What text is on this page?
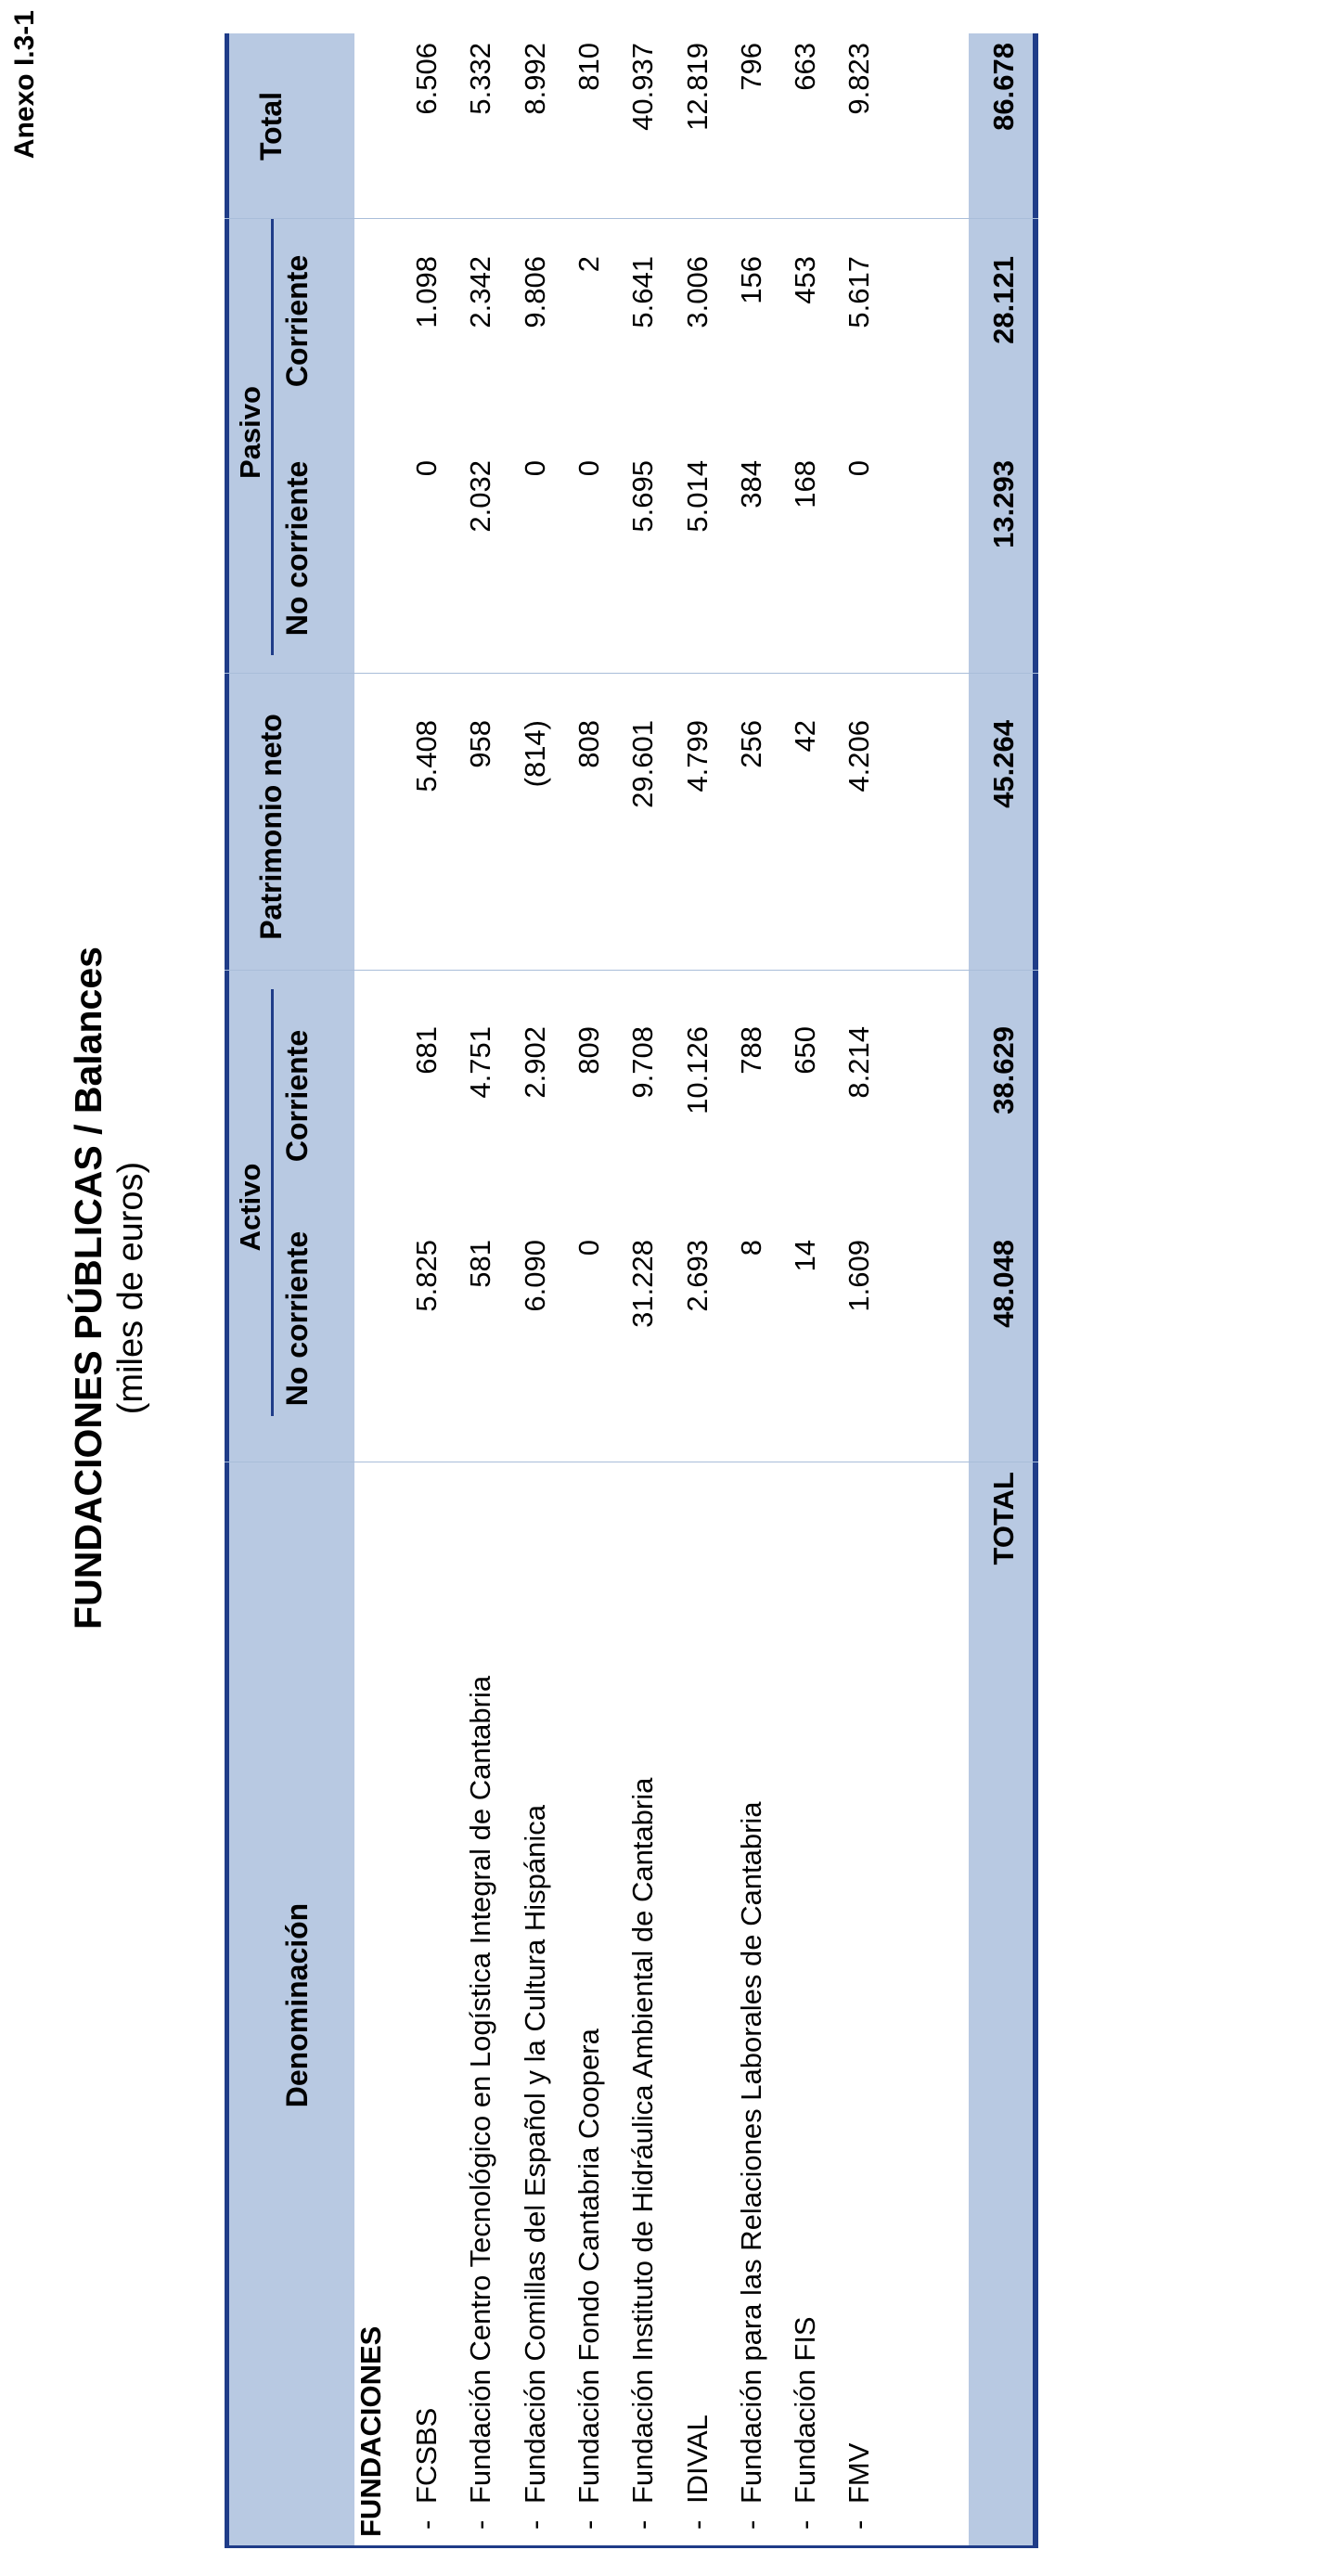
Anexo I.3-1
FUNDACIONES PÚBLICAS / Balances (miles de euros)	Activo
Pasivo
Denominación
No corriente
Corriente
Patrimonio neto
No corriente
Corriente
Total
FUNDACIONES -
FCSBS
5.825
681
5.408
0
1.098
6.506
-
Fundación Centro Tecnológico en Logística Integral de Cantabria
581
4.751
958
2.032
2.342
5.332
-
Fundación Comillas del Español y la Cultura Hispánica
6.090
2.902
(814)
0
9.806
8.992
-
Fundación Fondo Cantabria Coopera
0
809
808
0
2
810
-
Fundación Instituto de Hidráulica Ambiental de Cantabria
31.228
9.708
29.601
5.695
5.641
40.937
-
IDIVAL
2.693
10.126
4.799
5.014
3.006
12.819
-
Fundación para las Relaciones Laborales de Cantabria
8
788
256
384
156
796
-
Fundación FIS
14
650
42
168
453
663
-
FMV
1.609
8.214
4.206
0
5.617
9.823
TOTAL
48.048
38.629
45.264
13.293
28.121
86.678
